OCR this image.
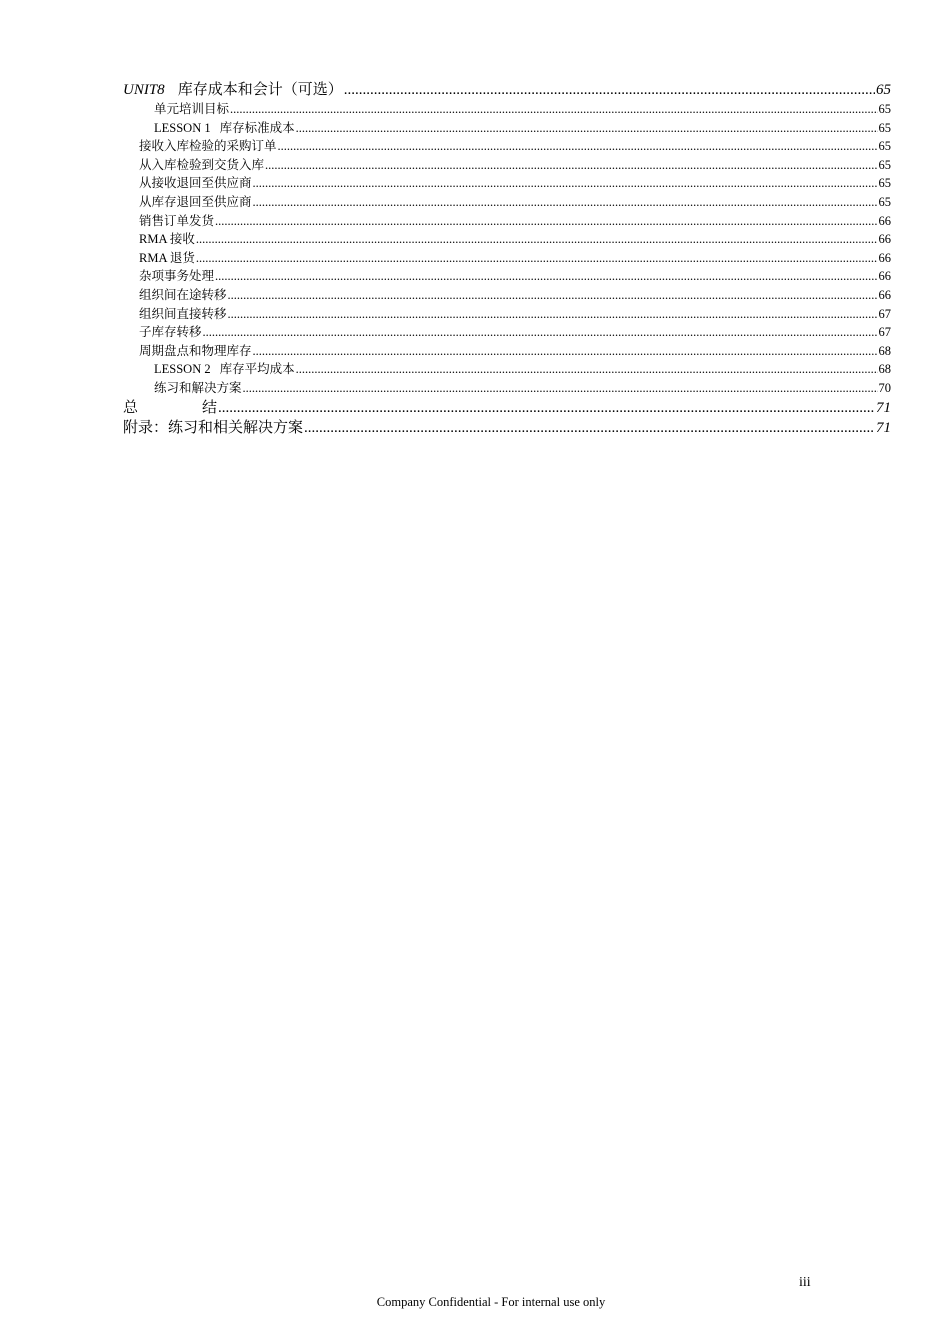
UNIT8 库存成本和会计（可选） .....	65
单元培训目标 .....	65
LESSON 1 库存标准成本 .....	65
接收入库检验的采购订单 .....	65
从入库检验到交货入库 .....	65
从接收退回至供应商 .....	65
从库存退回至供应商 .....	65
销售订单发货 .....	66
RMA 接收 .....	66
RMA 退货 .....	66
杂项事务处理 .....	66
组织间在途转移 .....	66
组织间直接转移 .....	67
子库存转移 .....	67
周期盘点和物理库存 .....	68
LESSON 2 库存平均成本 .....	68
练习和解决方案 .....	70
总	结 .....	71
附录：练习和相关解决方案 .....	71
iii
Company Confidential - For internal use only
